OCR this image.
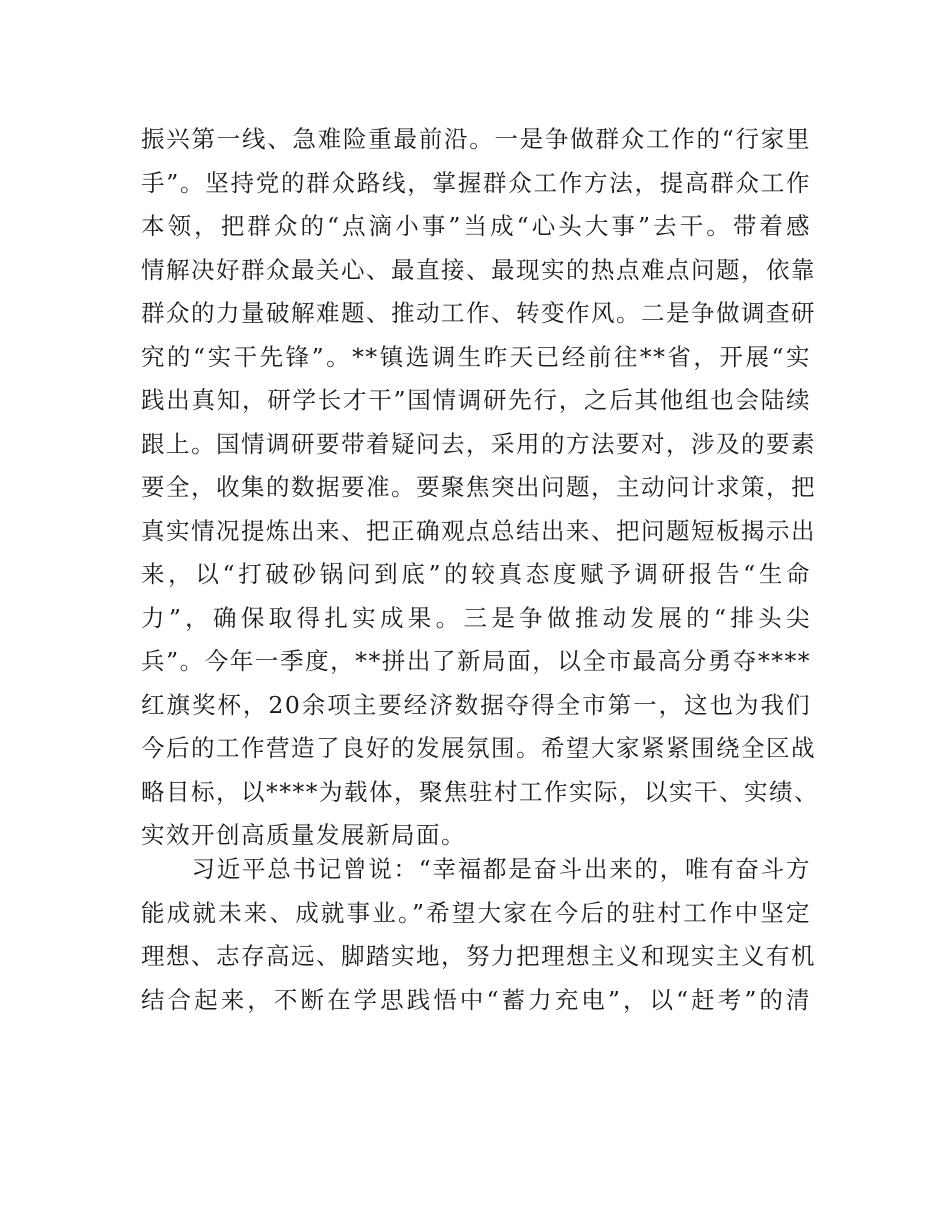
振兴第一线、急难险重最前沿。一是争做群众工作的“行家里
手”。坚持党的群众路线，掌握群众工作方法，提高群众工作
本领，把群众的“点滴小事”当成“心头大事”去干。带着感
情解决好群众最关心、最直接、最现实的热点难点问题，依靠
群众的力量破解难题、推动工作、转变作风。二是争做调查研
究的“实干先锋”。**镇选调生昨天已经前往**省，开展“实
践出真知，研学长才干”国情调研先行，之后其他组也会陆续
跟上。国情调研要带着疑问去，采用的方法要对，涉及的要素
要全，收集的数据要准。要聚焦突出问题，主动问计求策，把
真实情况提炼出来、把正确观点总结出来、把问题短板揭示出
来，以“打破砂锅问到底”的较真态度赋予调研报告“生命
力”，确保取得扎实成果。三是争做推动发展的“排头尖
兵”。今年一季度，**拼出了新局面，以全市最高分勇夺****
红旗奖杯，20余项主要经济数据夺得全市第一，这也为我们
今后的工作营造了良好的发展氛围。希望大家紧紧围绕全区战
略目标，以****为载体，聚焦驻村工作实际，以实干、实绩、
实效开创高质量发展新局面。
　　习近平总书记曾说：“幸福都是奋斗出来的，唯有奋斗方
能成就未来、成就事业。”希望大家在今后的驻村工作中坚定
理想、志存高远、脚踏实地，努力把理想主义和现实主义有机
结合起来，不断在学思践悟中“蓄力充电”，以“赶考”的清
